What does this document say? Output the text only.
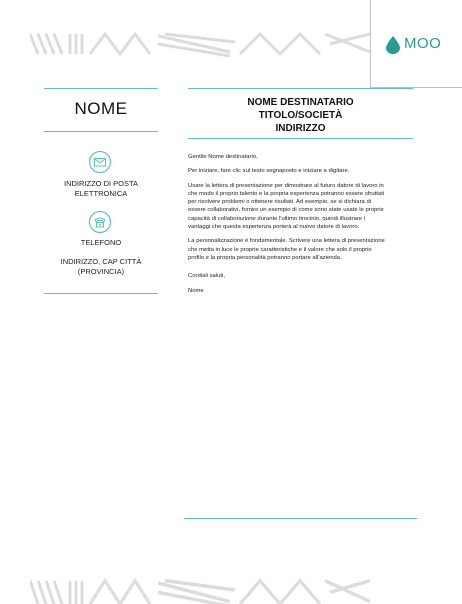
MOO
NOME
INDIRIZZO DI POSTA ELETTRONICA
TELEFONO
INDIRIZZO, CAP CITTÀ (PROVINCIA)
NOME DESTINATARIO
TITOLO/SOCIETÀ
INDIRIZZO

Gentile Nome destinatario,

Per iniziare, fare clic sul testo segnaposto e iniziare a digitare.

Usare la lettera di presentazione per dimostrare al futuro datore di lavoro in che modo il proprio talento e la propria esperienza potranno essere sfruttati per risolvere problemi o ottenere risultati. Ad esempio, se si dichiara di essere collaborativi, fornire un esempio di come sono state usate le proprie capacità di collaborazione durante l'ultimo tirocinio, quindi illustrare i vantaggi che questa esperienza porterà al nuovo datore di lavoro.

La personalizzazione è fondamentale. Scrivere una lettera di presentazione che metta in luce le proprie caratteristiche e il valore che solo il proprio profilo e la propria personalità potranno portare all'azienda.

Cordiali saluti,

Nome
